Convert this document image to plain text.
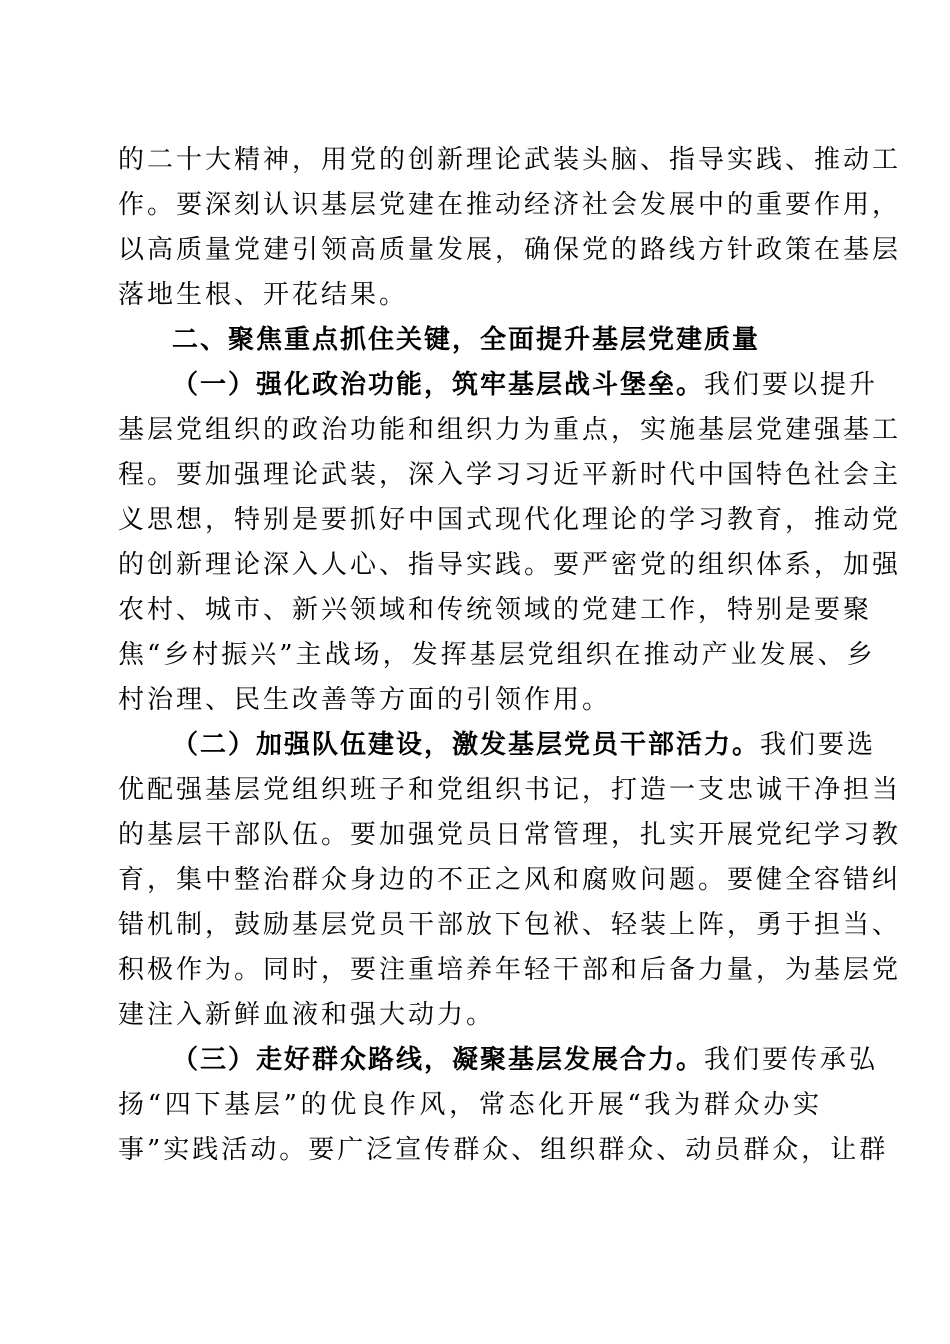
的二十大精神，用党的创新理论武装头脑、指导实践、推动工
作。要深刻认识基层党建在推动经济社会发展中的重要作用，
以高质量党建引领高质量发展，确保党的路线方针政策在基层
落地生根、开花结果。
二、聚焦重点抓住关键，全面提升基层党建质量
（一）强化政治功能，筑牢基层战斗堡垒。我们要以提升
基层党组织的政治功能和组织力为重点，实施基层党建强基工
程。要加强理论武装，深入学习习近平新时代中国特色社会主
义思想，特别是要抓好中国式现代化理论的学习教育，推动党
的创新理论深入人心、指导实践。要严密党的组织体系，加强
农村、城市、新兴领域和传统领域的党建工作，特别是要聚
焦“乡村振兴”主战场，发挥基层党组织在推动产业发展、乡
村治理、民生改善等方面的引领作用。
（二）加强队伍建设，激发基层党员干部活力。我们要选
优配强基层党组织班子和党组织书记，打造一支忠诚干净担当
的基层干部队伍。要加强党员日常管理，扎实开展党纪学习教
育，集中整治群众身边的不正之风和腐败问题。要健全容错纠
错机制，鼓励基层党员干部放下包袱、轻装上阵，勇于担当、
积极作为。同时，要注重培养年轻干部和后备力量，为基层党
建注入新鲜血液和强大动力。
（三）走好群众路线，凝聚基层发展合力。我们要传承弘
扬“四下基层”的优良作风，常态化开展“我为群众办实
事”实践活动。要广泛宣传群众、组织群众、动员群众，让群
